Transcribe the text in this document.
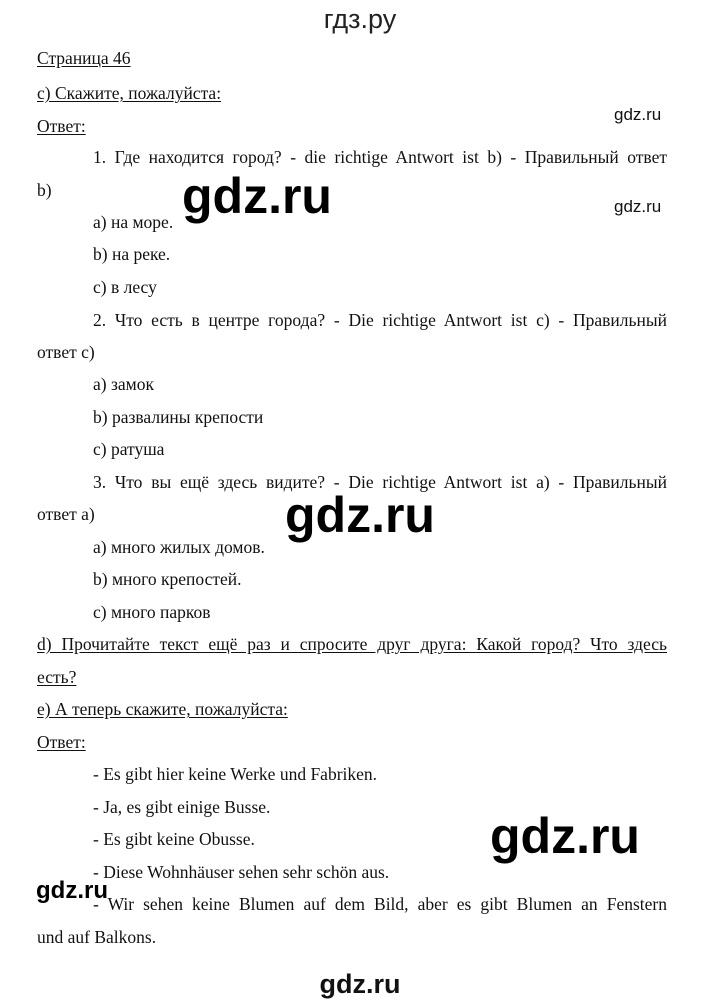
гдз.ру
Страница 46
с) Скажите, пожалуйста:
Ответ:
1. Где находится город? - die richtige Antwort ist b) - Правильный ответ
b)
а) на море.
b) на реке.
с) в лесу
2. Что есть в центре города? - Die richtige Antwort ist c) - Правильный
ответ с)
а) замок
b) развалины крепости
с) ратуша
3. Что вы ещё здесь видите? - Die richtige Antwort ist a) - Правильный
ответ а)
а) много жилых домов.
b) много крепостей.
с) много парков
d) Прочитайте текст ещё раз и спросите друг друга: Какой город? Что здесь
есть?
е) А теперь скажите, пожалуйста:
Ответ:
- Es gibt hier keine Werke und Fabriken.
- Ja, es gibt einige Busse.
- Es gibt keine Obusse.
- Diese Wohnhäuser sehen sehr schön aus.
- Wir sehen keine Blumen auf dem Bild, aber es gibt Blumen an Fenstern
und auf Balkons.
gdz.ru
gdz.ru
gdz.ru
gdz.ru
gdz.ru
gdz.ru
gdz.ru
